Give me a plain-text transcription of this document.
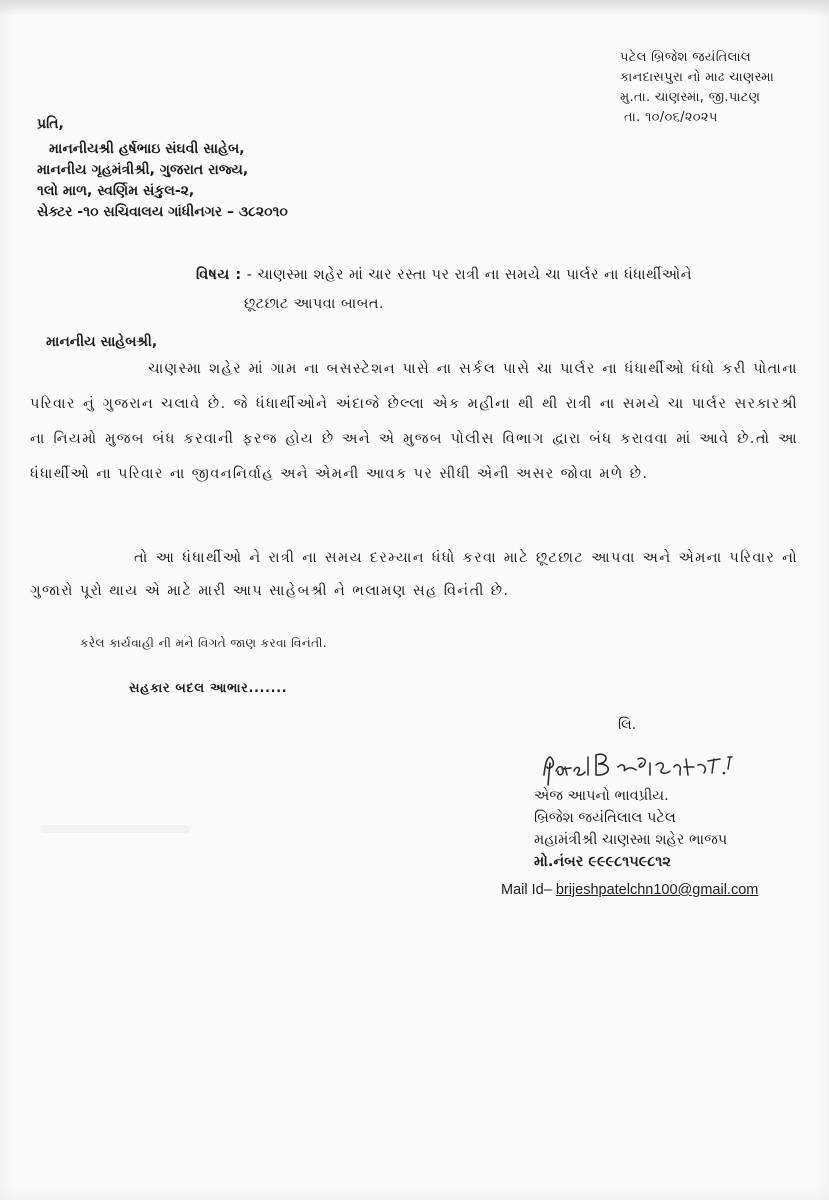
પટેલ બ્રિજેશ જયંતિલાલ
કાનદાસપુરા નો માઢ ચાણસ્મા
મુ.તા. ચાણસ્મા, જી.પાટણ
તા. ૧૦/૦૬/૨૦૨૫
પ્રતિ,
માનનીયશ્રી હર્ષભાઇ સંઘવી સાહેબ,
માનનીય ગૃહમંત્રીશ્રી, ગુજરાત રાજ્ય,
૧લો માળ, સ્વર્ણિમ સંકુલ-૨,
સેક્ટર -૧૦ સચિવાલય ગાંધીનગર – ૩૮૨૦૧૦
વિષય : - ચાણસ્મા શહેર માં ચાર રસ્તા પર રાત્રી ના સમયે ચા પાર્લર ના ધંધાર્થીઓને
છૂટછાટ આપવા બાબત.
માનનીય સાહેબશ્રી,

ચાણસ્મા શહેર માં ગામ ના બસસ્ટેશન પાસે ના સર્કલ પાસે ચા પાર્લર ના ધંધાર્થીઓ ધંધો કરી પોતાના પરિવાર નું ગુજરાન ચલાવે છે. જે ધંધાર્થીઓને અંદાજે છેલ્લા એક મહીના થી થી રાત્રી ના સમયે ચા પાર્લર સરકારશ્રી ના નિયમો મુજબ બંધ કરવાની ફરજ હોય છે અને એ મુજબ પોલીસ વિભાગ દ્વારા બંધ કરાવવા માં આવે છે.તો આ ધંધાર્થીઓ ના પરિવાર ના જીવનનિર્વાહ અને એમની આવક પર સીધી એની અસર જોવા મળે છે.

તો આ ધંધાર્થીઓ ને રાત્રી ના સમય દરમ્યાન ધંધો કરવા માટે છૂટછાટ આપવા અને એમના પરિવાર નો ગુજારો પૂરો થાય એ માટે મારી આપ સાહેબશ્રી ને ભલામણ સહ વિનંતી છે.

કરેલ કાર્યવાહી ની મને વિગતે જાણ કરવા વિનંતી.
સહકાર બદલ આભાર.......
લિ.
એજ આપનો ભાવપ્રીય.
બ્રિજેશ જયંતિલાલ પટેલ
મહામંત્રીશ્રી ચાણસ્મા શહેર ભાજપ
મો.નંબર ૯૯૯૮૧૫૯૮૧૨
Mail Id– brijeshpatelchn100@gmail.com
